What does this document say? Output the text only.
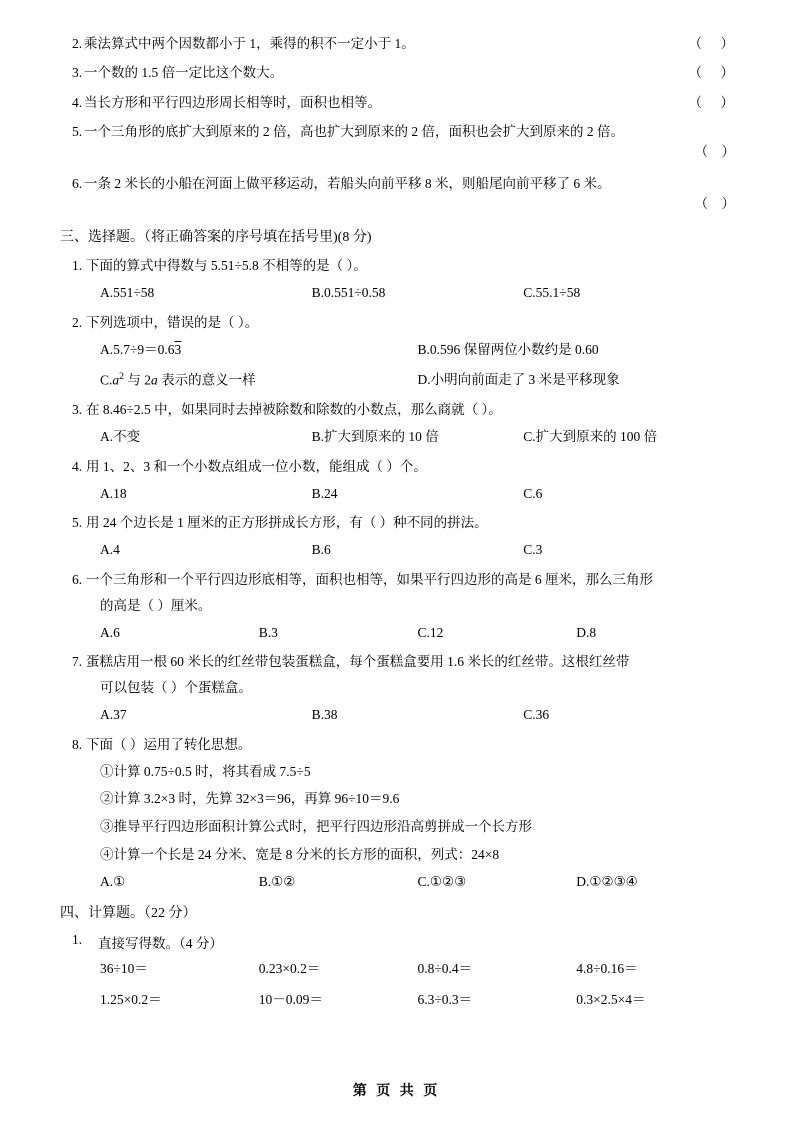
2. 乘法算式中两个因数都小于 1，乘得的积不一定小于 1。	（    ）
3. 一个数的 1.5 倍一定比这个数大。	（    ）
4. 当长方形和平行四边形周长相等时，面积也相等。	（    ）
5. 一个三角形的底扩大到原来的 2 倍，高也扩大到原来的 2 倍，面积也会扩大到原来的 2 倍。
（    ）
6. 一条 2 米长的小船在河面上做平移运动，若船头向前平移 8 米，则船尾向前平移了 6 米。
（    ）
三、选择题。（将正确答案的序号填在括号里)(8 分)
1. 下面的算式中得数与 5.51÷5.8 不相等的是（ ）。
A.551÷58	B.0.551÷0.58	C.55.1÷58
2. 下列选项中，错误的是（ ）。
A.5.7÷9＝0.63	B.0.596 保留两位小数约是 0.60
$C.a^2$ 与 2a 表示的意义一样	D.小明向前面走了 3 米是平移现象
3. 在 8.46÷2.5 中，如果同时去掉被除数和除数的小数点，那么商就（ ）。
A.不变	B.扩大到原来的 10 倍	C.扩大到原来的 100 倍
4. 用 1、2、3 和一个小数点组成一位小数，能组成（ ）个。
A.18	B.24	C.6
5. 用 24 个边长是 1 厘米的正方形拼成长方形，有（ ）种不同的拼法。
A.4	B.6	C.3
6. 一个三角形和一个平行四边形底相等，面积也相等，如果平行四边形的高是 6 厘米，那么三角形
的高是（ ）厘米。
A.6	B.3	C.12	D.8
7. 蛋糕店用一根 60 米长的红丝带包装蛋糕盒，每个蛋糕盒要用 1.6 米长的红丝带。这根红丝带
可以包装（ ）个蛋糕盒。
A.37	B.38	C.36
8. 下面（ ）运用了转化思想。
①计算 0.75÷0.5 时，将其看成 7.5÷5
②计算 3.2×3 时，先算 32×3＝96，再算 96÷10＝9.6
③推导平行四边形面积计算公式时，把平行四边形沿高剪拼成一个长方形
④计算一个长是 24 分米、宽是 8 分米的长方形的面积，列式：24×8
A.①	B.①②	C.①②③	D.①②③④
四、计算题。（22 分）
1.	直接写得数。（4 分）
36÷10＝	0.23×0.2＝	0.8÷0.4＝	4.8÷0.16＝
1.25×0.2＝	10－0.09＝	6.3÷0.3＝	0.3×2.5×4＝
第 页 共 页
